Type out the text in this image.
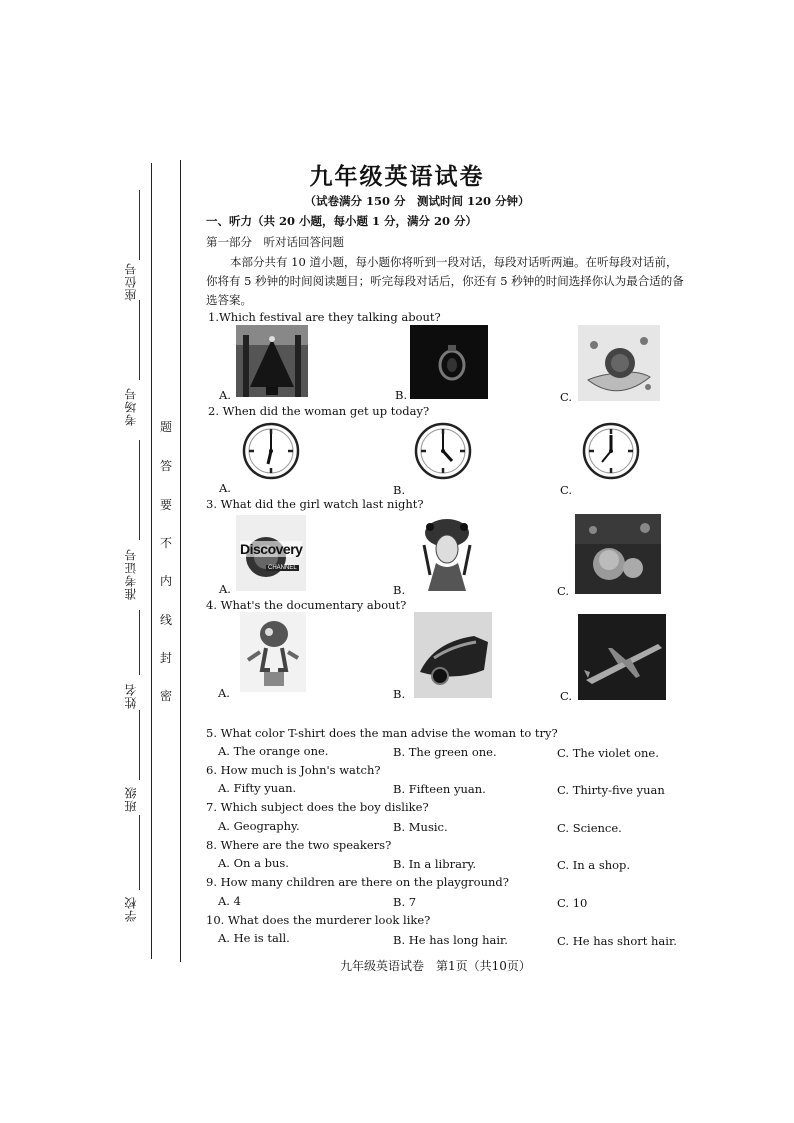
座位号
考场号
准考证号
姓名
班级
学校
题
答
要
不
内
线
封
密
九年级英语试卷
（试卷满分 150 分　测试时间 120 分钟）
一、听力（共 20 小题，每小题 1 分，满分 20 分）
第一部分　听对话回答问题
本部分共有 10 道小题，每小题你将听到一段对话，每段对话听两遍。在听每段对话前，你将有 5 秒钟的时间阅读题目；听完每段对话后，你还有 5 秒钟的时间选择你认为最合适的备选答案。
1.Which festival are they talking about?
A.	B.	C.
2. When did the woman get up today?
A.	B.	C.
3. What did the girl watch last night?
A.	B.	C.
Discovery
CHANNEL
4. What's the documentary about?
A.	B.	C.
5. What color T-shirt does the man advise the woman to try?
A. The orange one.	B. The green one.	C. The violet one.
6. How much is John's watch?
A. Fifty yuan.	B. Fifteen yuan.	C. Thirty-five yuan
7. Which subject does the boy dislike?
A. Geography.	B. Music.	C. Science.
8. Where are the two speakers?
A. On a bus.	B. In a library.	C. In a shop.
9. How many children are there on the playground?
A. 4	B. 7	C. 10
10. What does the murderer look like?
A. He is tall.	B. He has long hair.	C. He has short hair.
九年级英语试卷　第1页（共10页）
